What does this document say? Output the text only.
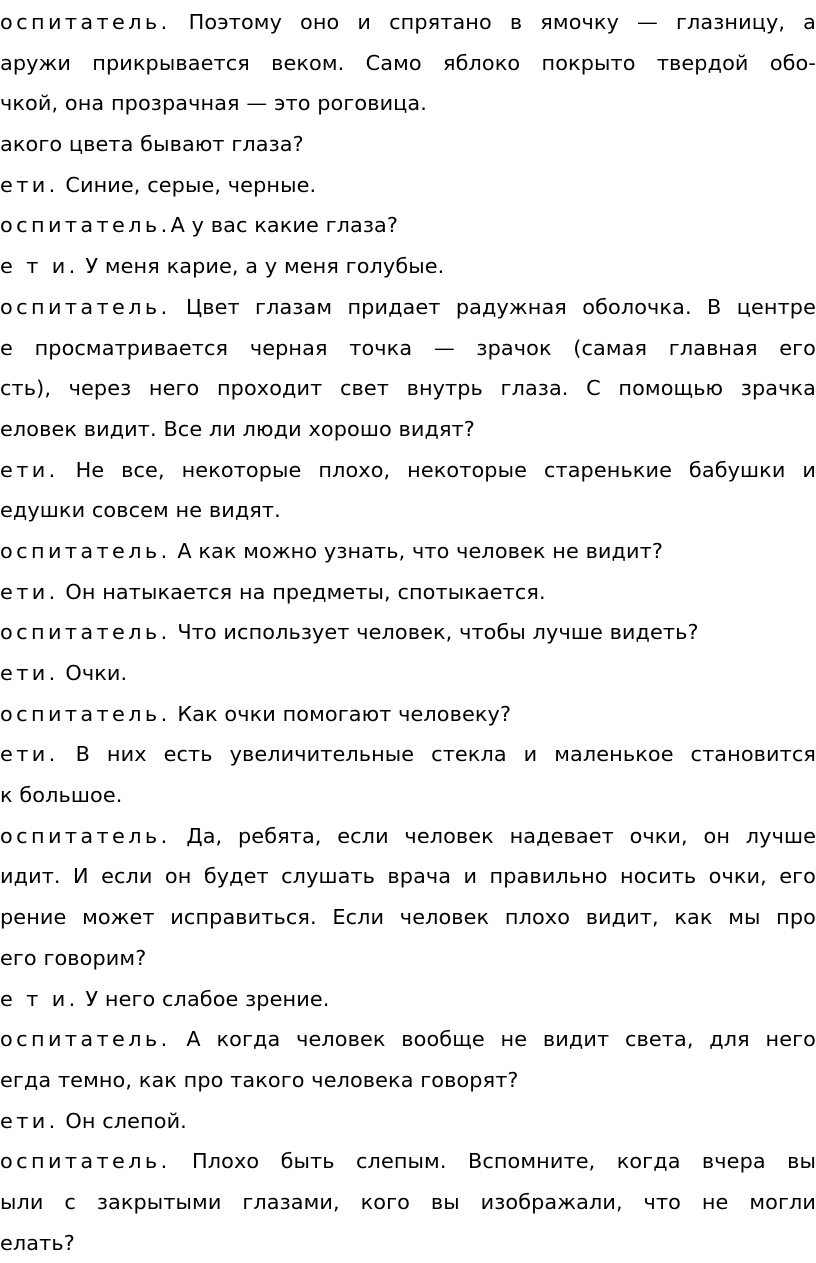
оспитатель. Поэтому оно и спрятано в ямочку — глазницу, а
аружи прикрывается веком. Само яблоко покрыто твердой обо-
чкой, она прозрачная — это роговица.
акого цвета бывают глаза?
ети. Синие, серые, черные.
оспитатель.А у вас какие глаза?
е т и. У меня карие, а у меня голубые.
оспитатель. Цвет глазам придает радужная оболочка. В центре
е просматривается черная точка — зрачок (самая главная его
сть), через него проходит свет внутрь глаза. С помощью зрачка
еловек видит. Все ли люди хорошо видят?
ети. Не все, некоторые плохо, некоторые старенькие бабушки и
едушки совсем не видят.
оспитатель. А как можно узнать, что человек не видит?
ети. Он натыкается на предметы, спотыкается.
оспитатель. Что использует человек, чтобы лучше видеть?
ети. Очки.
оспитатель. Как очки помогают человеку?
ети. В них есть увеличительные стекла и маленькое становится
к большое.
оспитатель. Да, ребята, если человек надевает очки, он лучше
идит. И если он будет слушать врача и правильно носить очки, его
рение может исправиться. Если человек плохо видит, как мы про
его говорим?
е т и. У него слабое зрение.
оспитатель. А когда человек вообще не видит света, для него
егда темно, как про такого человека говорят?
ети. Он слепой.
оспитатель. Плохо быть слепым. Вспомните, когда вчера вы
ыли с закрытыми глазами, кого вы изображали, что не могли
елать?
